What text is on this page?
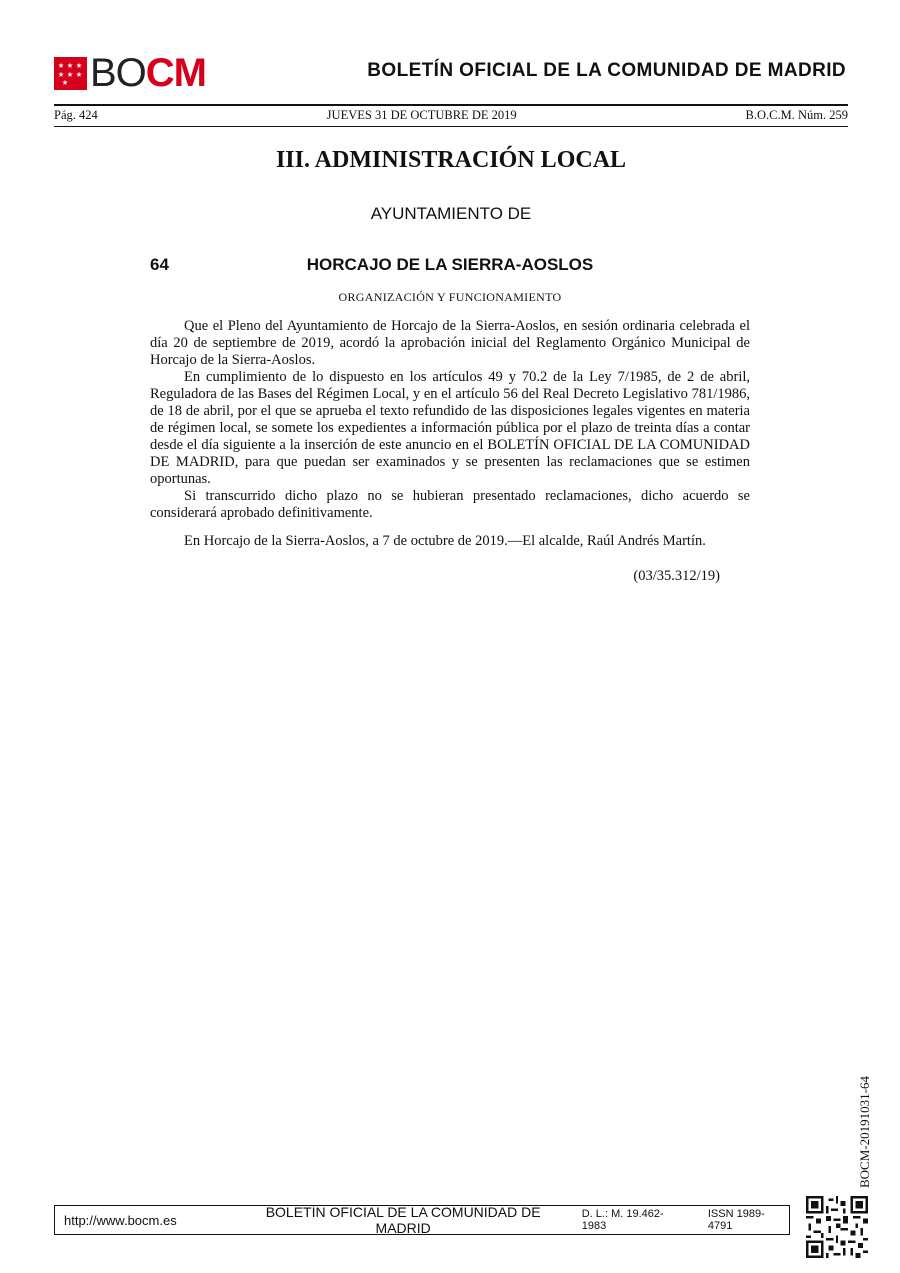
BOCM	BOLETÍN OFICIAL DE LA COMUNIDAD DE MADRID
Pág. 424	JUEVES 31 DE OCTUBRE DE 2019	B.O.C.M. Núm. 259
III. ADMINISTRACIÓN LOCAL
AYUNTAMIENTO DE
64	HORCAJO DE LA SIERRA-AOSLOS
ORGANIZACIÓN Y FUNCIONAMIENTO

Que el Pleno del Ayuntamiento de Horcajo de la Sierra-Aoslos, en sesión ordinaria celebrada el día 20 de septiembre de 2019, acordó la aprobación inicial del Reglamento Orgánico Municipal de Horcajo de la Sierra-Aoslos.

En cumplimiento de lo dispuesto en los artículos 49 y 70.2 de la Ley 7/1985, de 2 de abril, Reguladora de las Bases del Régimen Local, y en el artículo 56 del Real Decreto Legislativo 781/1986, de 18 de abril, por el que se aprueba el texto refundido de las disposiciones legales vigentes en materia de régimen local, se somete los expedientes a información pública por el plazo de treinta días a contar desde el día siguiente a la inserción de este anuncio en el BOLETÍN OFICIAL DE LA COMUNIDAD DE MADRID, para que puedan ser examinados y se presenten las reclamaciones que se estimen oportunas.

Si transcurrido dicho plazo no se hubieran presentado reclamaciones, dicho acuerdo se considerará aprobado definitivamente.

En Horcajo de la Sierra-Aoslos, a 7 de octubre de 2019.—El alcalde, Raúl Andrés Martín.

(03/35.312/19)
BOCM-20191031-64
http://www.bocm.es	BOLETÍN OFICIAL DE LA COMUNIDAD DE MADRID
D. L.: M. 19.462-1983
ISSN 1989-4791
